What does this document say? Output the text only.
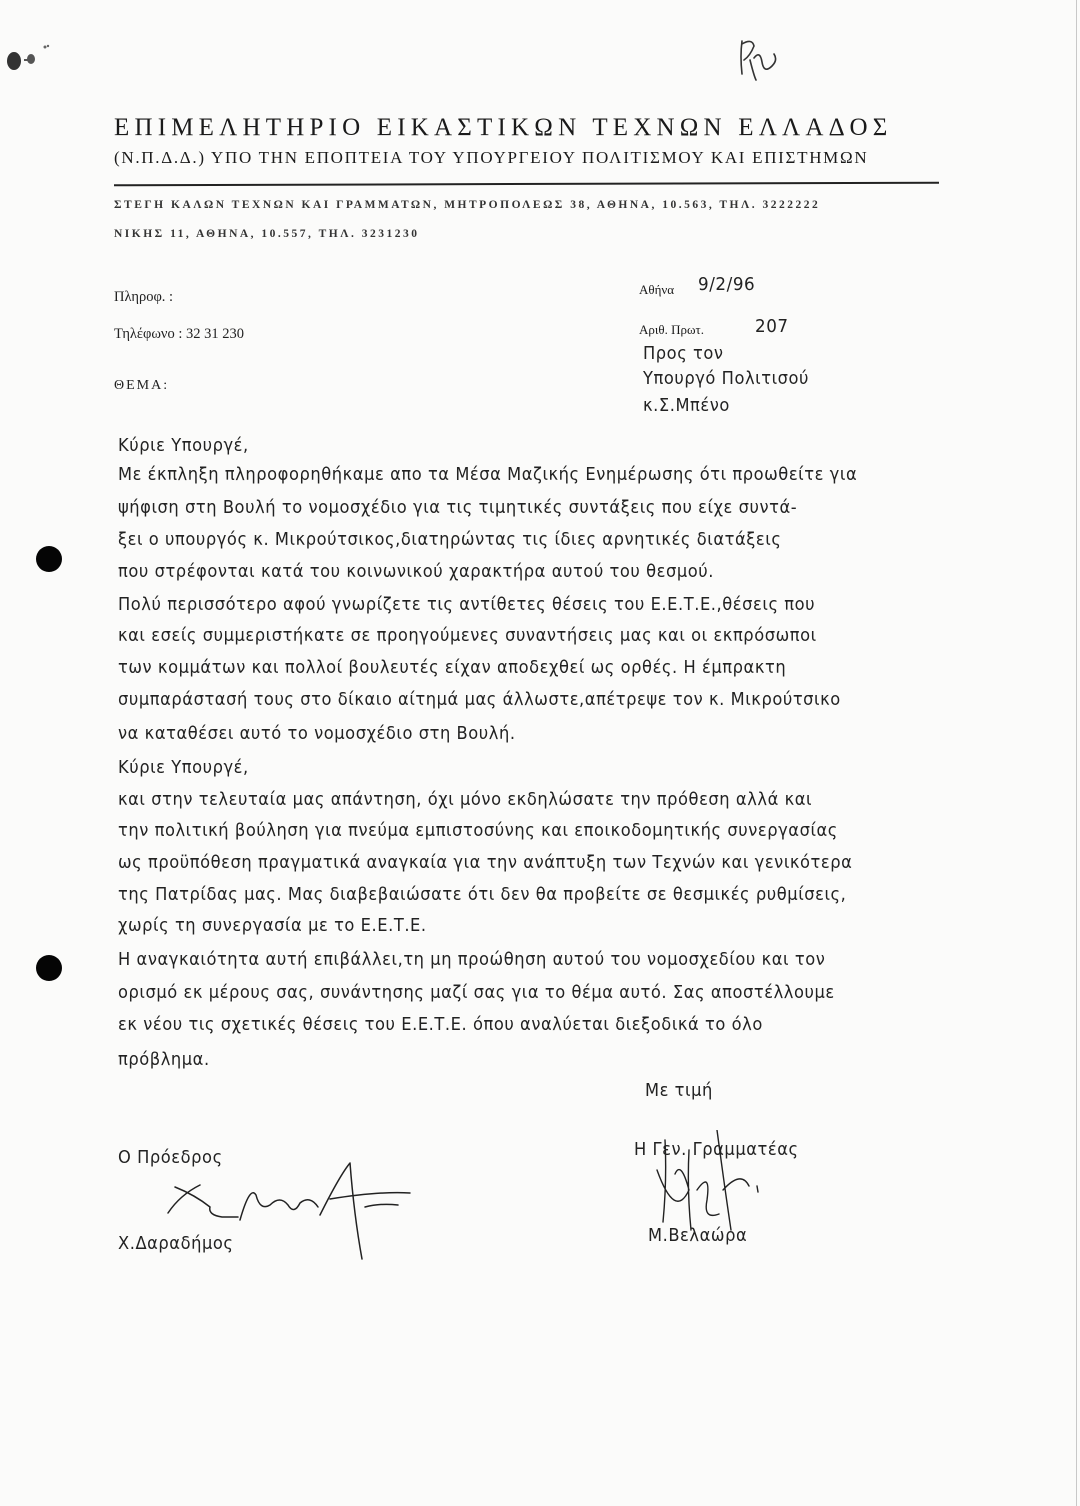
ΕΠΙΜΕΛΗΤΗΡΙΟ ΕΙΚΑΣΤΙΚΩΝ ΤΕΧΝΩΝ ΕΛΛΑΔΟΣ
(Ν.Π.Δ.Δ.) ΥΠΟ ΤΗΝ ΕΠΟΠΤΕΙΑ ΤΟΥ ΥΠΟΥΡΓΕΙΟΥ ΠΟΛΙΤΙΣΜΟΥ ΚΑΙ ΕΠΙΣΤΗΜΩΝ
ΣΤΕΓΗ ΚΑΛΩΝ ΤΕΧΝΩΝ ΚΑΙ ΓΡΑΜΜΑΤΩΝ, ΜΗΤΡΟΠΟΛΕΩΣ 38, ΑΘΗΝΑ, 10.563, ΤΗΛ. 3222222
ΝΙΚΗΣ 11, ΑΘΗΝΑ, 10.557, ΤΗΛ. 3231230
Πληροφ. :
Τηλέφωνο : 32 31 230
ΘΕΜΑ:
Αθήνα 9/2/96
Αριθ. Πρωτ.	207
Προς τον
Υπουργό Πολιτισού
κ.Σ.Μπένο
Κύριε Υπουργέ,
Με έκπληξη πληροφορηθήκαμε απο τα Μέσα Μαζικής Ενημέρωσης ότι προωθείτε για
ψήφιση στη Βουλή το νομοσχέδιο για τις τιμητικές συντάξεις που είχε συντά-
ξει ο υπουργός κ. Μικρούτσικος,διατηρώντας τις ίδιες αρνητικές διατάξεις
που στρέφονται κατά του κοινωνικού χαρακτήρα αυτού του θεσμού.
Πολύ περισσότερο αφού γνωρίζετε τις αντίθετες θέσεις του Ε.Ε.Τ.Ε.,θέσεις που
και εσείς συμμεριστήκατε σε προηγούμενες συναντήσεις μας και οι εκπρόσωποι
των κομμάτων και πολλοί βουλευτές είχαν αποδεχθεί ως ορθές. Η έμπρακτη
συμπαράστασή τους στο δίκαιο αίτημά μας άλλωστε,απέτρεψε τον κ. Μικρούτσικο
να καταθέσει αυτό το νομοσχέδιο στη Βουλή.
Κύριε Υπουργέ,
και στην τελευταία μας απάντηση, όχι μόνο εκδηλώσατε την πρόθεση αλλά και
την πολιτική βούληση για πνεύμα εμπιστοσύνης και εποικοδομητικής συνεργασίας
ως προϋπόθεση πραγματικά αναγκαία για την ανάπτυξη των Τεχνών και γενικότερα
της Πατρίδας μας. Μας διαβεβαιώσατε ότι δεν θα προβείτε σε θεσμικές ρυθμίσεις,
χωρίς τη συνεργασία με το Ε.Ε.Τ.Ε.
Η αναγκαιότητα αυτή επιβάλλει,τη μη προώθηση αυτού του νομοσχεδίου και τον
ορισμό εκ μέρους σας, συνάντησης μαζί σας για το θέμα αυτό. Σας αποστέλλουμε
εκ νέου τις σχετικές θέσεις του Ε.Ε.Τ.Ε. όπου αναλύεται διεξοδικά το όλο
πρόβλημα.
Με τιμή
Ο Πρόεδρος
Χ.Δαραδήμος
Η Γεν. Γραμματέας
Μ.Βελαώρα
